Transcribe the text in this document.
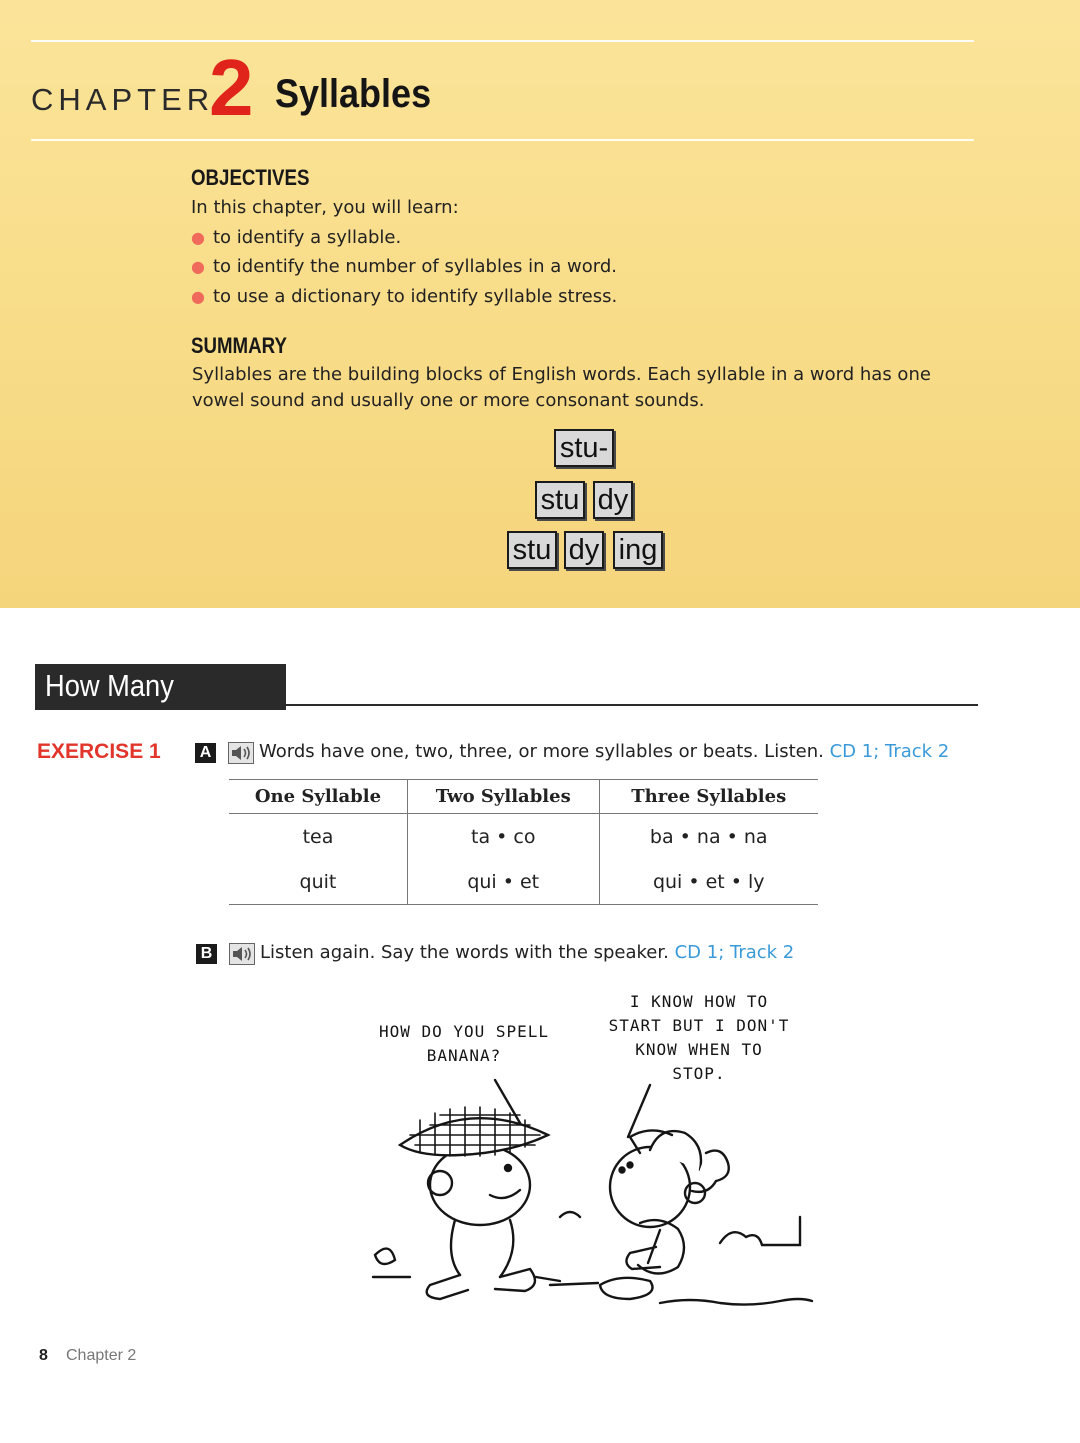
CHAPTER
2 Syllables
OBJECTIVES
In this chapter, you will learn:
● to identify a syllable.
● to identify the number of syllables in a word.
● to use a dictionary to identify syllable stress.
SUMMARY
Syllables are the building blocks of English words. Each syllable in a word has one vowel sound and usually one or more consonant sounds.
stu-
stu dy
stu dy ing
How Many Beats?
EXERCISE 1 A	Words have one, two, three, or more syllables or beats. Listen. CD 1; Track 2
One Syllable	Two Syllables	Three Syllables
tea	ta • co	ba • na • na
quit	qui • et	qui • et • ly
B	Listen again. Say the words with the speaker. CD 1; Track 2
HOW DO YOU SPELL
BANANA?
I KNOW HOW TO
START BUT I DON'T
KNOW WHEN TO
STOP.
8 Chapter 2
